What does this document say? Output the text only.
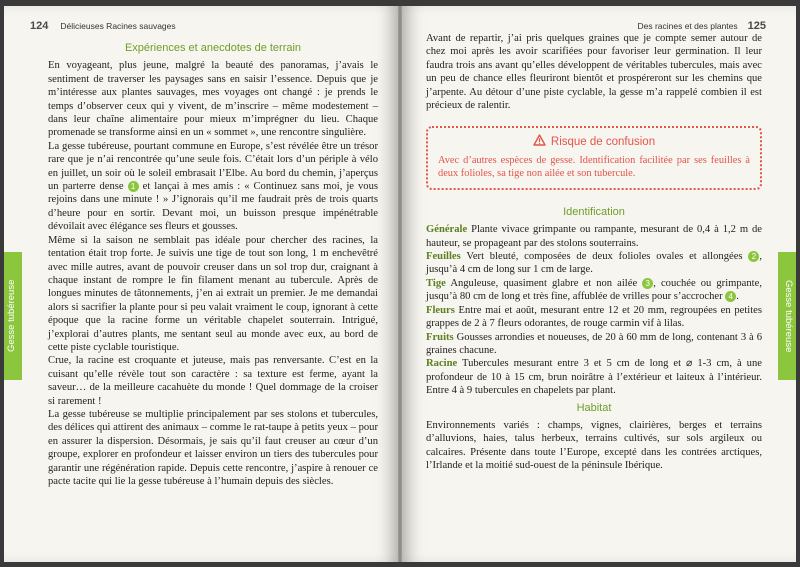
124 Délicieuses Racines sauvages
Gesse tubéreuse
Expériences et anecdotes de terrain

En voyageant, plus jeune, malgré la beauté des panoramas, j’avais le sentiment de traverser les paysages sans en saisir l’essence. Depuis que je m’intéresse aux plantes sauvages, mes voyages ont changé : je prends le temps d’observer ceux qui y vivent, de m’inscrire – même modestement – dans leur chaîne alimentaire pour mieux m’imprégner du lieu. Chaque promenade se transforme ainsi en un « sommet », une rencontre singulière.

La gesse tubéreuse, pourtant commune en Europe, s’est révélée être un trésor rare que je n’ai rencontrée qu’une seule fois. C’était lors d’un périple à vélo en juillet, un soir où le soleil embrasait l’Elbe. Au bord du chemin, j’aperçus un parterre dense 1 et lançai à mes amis : « Continuez sans moi, je vous rejoins dans une minute ! » J’ignorais qu’il me faudrait près de trois quarts d’heure pour en sortir. Devant moi, un buisson presque impénétrable dévoilait avec élégance ses fleurs et gousses.

Même si la saison ne semblait pas idéale pour chercher des racines, la tentation était trop forte. Je suivis une tige de tout son long, 1 m enchevêtré avec mille autres, avant de pouvoir creuser dans un sol trop dur, craignant à chaque instant de rompre le fin filament menant au tubercule. Après de longues minutes de tâtonnements, j’en ai extrait un premier. Je me demandai alors si sacrifier la plante pour si peu valait vraiment le coup, ignorant à cette époque que la racine forme un véritable chapelet souterrain. Intrigué, j’explorai d’autres plants, me sentant seul au monde avec eux, au bord de cette piste cyclable touristique.

Crue, la racine est croquante et juteuse, mais pas renversante. C’est en la cuisant qu’elle révèle tout son caractère : sa texture est ferme, ayant la saveur… de la meilleure cacahuète du monde ! Quel dommage de la croiser si rarement !

La gesse tubéreuse se multiplie principalement par ses stolons et tubercules, des délices qui attirent des animaux – comme le rat-taupe à petits yeux – pour en assurer la dispersion. Désormais, je sais qu’il faut creuser au cœur d’un groupe, explorer en profondeur et laisser environ un tiers des tubercules pour garantir une régénération rapide. Depuis cette rencontre, j’aspire à renouer ce pacte tacite qui lie la gesse tubéreuse à l’humain depuis des siècles.

Des racines et des plantes 125
Gesse tubéreuse

Avant de repartir, j’ai pris quelques graines que je compte semer autour de chez moi après les avoir scarifiées pour favoriser leur germination. Il leur faudra trois ans avant qu’elles développent de véritables tubercules, mais avec un peu de chance elles fleuriront bientôt et prospéreront sur les chemins que j’arpente. Au détour d’une piste cyclable, la gesse m’a rappelé combien il est précieux de ralentir.

Risque de confusion
Avec d’autres espèces de gesse. Identification facilitée par ses feuilles à deux folioles, sa tige non ailée et son tubercule.
Identification

Générale Plante vivace grimpante ou rampante, mesurant de 0,4 à 1,2 m de hauteur, se propageant par des stolons souterrains.

Feuilles Vert bleuté, composées de deux folioles ovales et allongées 2 , jusqu’à 4 cm de long sur 1 cm de large.

Tige Anguleuse, quasiment glabre et non ailée 3 , couchée ou grimpante, jusqu’à 80 cm de long et très fine, affublée de vrilles pour s’accrocher 4 .

Fleurs Entre mai et août, mesurant entre 12 et 20 mm, regroupées en petites grappes de 2 à 7 fleurs odorantes, de rouge carmin vif à lilas.

Fruits Gousses arrondies et noueuses, de 20 à 60 mm de long, contenant 3 à 6 graines chacune.

Racine Tubercules mesurant entre 3 et 5 cm de long et ⌀ 1-3 cm, à une profondeur de 10 à 15 cm, brun noirâtre à l’extérieur et laiteux à l’intérieur. Entre 4 à 9 tubercules en chapelets par plant.

Habitat

Environnements variés : champs, vignes, clairières, berges et terrains d’alluvions, haies, talus herbeux, terrains cultivés, sur sols argileux ou calcaires. Présente dans toute l’Europe, excepté dans les contrées arctiques, l’Irlande et la moitié sud-ouest de la péninsule Ibérique.
